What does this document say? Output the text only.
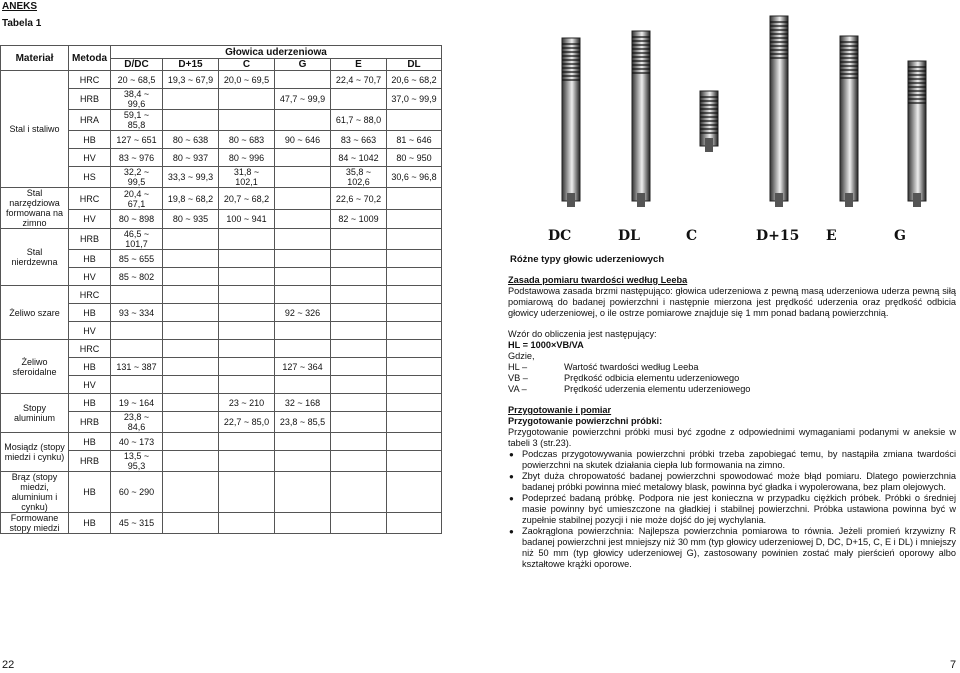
ANEKS
Tabela 1
Materiał	Metoda	Głowica uderzeniowa					
		D/DC	D+15	C	G	E	DL
Stal i staliwo	HRC	20 ~ 68,5	19,3 ~ 67,9	20,0 ~ 69,5		22,4 ~ 70,7	20,6 ~ 68,2
	HRB	38,4 ~ 99,6			47,7 ~ 99,9		37,0 ~ 99,9
	HRA	59,1 ~ 85,8				61,7 ~ 88,0	
	HB	127 ~ 651	80 ~ 638	80 ~ 683	90 ~ 646	83 ~ 663	81 ~ 646
	HV	83 ~ 976	80 ~ 937	80 ~ 996		84 ~ 1042	80 ~ 950
	HS	32,2 ~ 99,5	33,3 ~ 99,3	31,8 ~ 102,1		35,8 ~ 102,6	30,6 ~ 96,8
Stal narzędziowa formowana na zimno	HRC	20,4 ~ 67,1	19,8 ~ 68,2	20,7 ~ 68,2		22,6 ~ 70,2	
	HV	80 ~ 898	80 ~ 935	100 ~ 941		82 ~ 1009	
Stal nierdzewna	HRB	46,5 ~ 101,7					
	HB	85 ~ 655					
	HV	85 ~ 802					
Żeliwo szare	HRC						
	HB	93 ~ 334			92 ~ 326		
	HV						
Żeliwo sferoidalne	HRC						
	HB	131 ~ 387			127 ~ 364		
	HV						
Stopy aluminium	HB	19 ~ 164		23 ~ 210	32 ~ 168		
	HRB	23,8 ~ 84,6		22,7 ~ 85,0	23,8 ~ 85,5		
Mosiądz (stopy miedzi i cynku)	HB	40 ~ 173					
	HRB	13,5 ~ 95,3					
Brąz (stopy miedzi, aluminium i cynku)	HB	60 ~ 290					
Formowane stopy miedzi	HB	45 ~ 315					
DC	DL	C	D+15 E	G
Różne typy głowic uderzeniowych
Zasada pomiaru twardości według Leeba
Podstawowa zasada brzmi następująco: głowica uderzeniowa z pewną masą uderzeniowa uderza pewną siłą pomiarową do badanej powierzchni i następnie mierzona jest prędkość uderzenia oraz prędkość odbicia głowicy uderzeniowej, o ile ostrze pomiarowe znajduje się 1 mm ponad badaną powierzchnią.
Wzór do obliczenia jest następujący:
HL = 1000×VB/VA
Gdzie,
HL –	Wartość twardości według Leeba
VB –	Prędkość odbicia elementu uderzeniowego
VA –	Prędkość uderzenia elementu uderzeniowego
Przygotowanie i pomiar
Przygotowanie powierzchni próbki:
Przygotowanie powierzchni próbki musi być zgodne z odpowiednimi wymaganiami podanymi w aneksie w tabeli 3 (str.23).
● Podczas przygotowywania powierzchni próbki trzeba zapobiegać temu, by nastąpiła zmiana twardości powierzchni na skutek działania ciepła lub formowania na zimno.
● Zbyt duża chropowatość badanej powierzchni spowodować może błąd pomiaru. Dlatego powierzchnia badanej próbki powinna mieć metalowy blask, powinna być gładka i wypolerowana, bez plam olejowych.
● Podeprzeć badaną próbkę. Podpora nie jest konieczna w przypadku ciężkich próbek. Próbki o średniej masie powinny być umieszczone na gładkiej i stabilnej powierzchni. Próbka ustawiona powinna być w zupełnie stabilnej pozycji i nie może dojść do jej wychylania.
● Zaokrąglona powierzchnia: Najlepsza powierzchnia pomiarowa to równia. Jeżeli promień krzywizny R badanej powierzchni jest mniejszy niż 30 mm (typ głowicy uderzeniowej D, DC, D+15, C, E i DL) i mniejszy niż 50 mm (typ głowicy uderzeniowej G), zastosowany powinien zostać mały pierścień oporowy albo kształtowe krążki oporowe.
22	7
